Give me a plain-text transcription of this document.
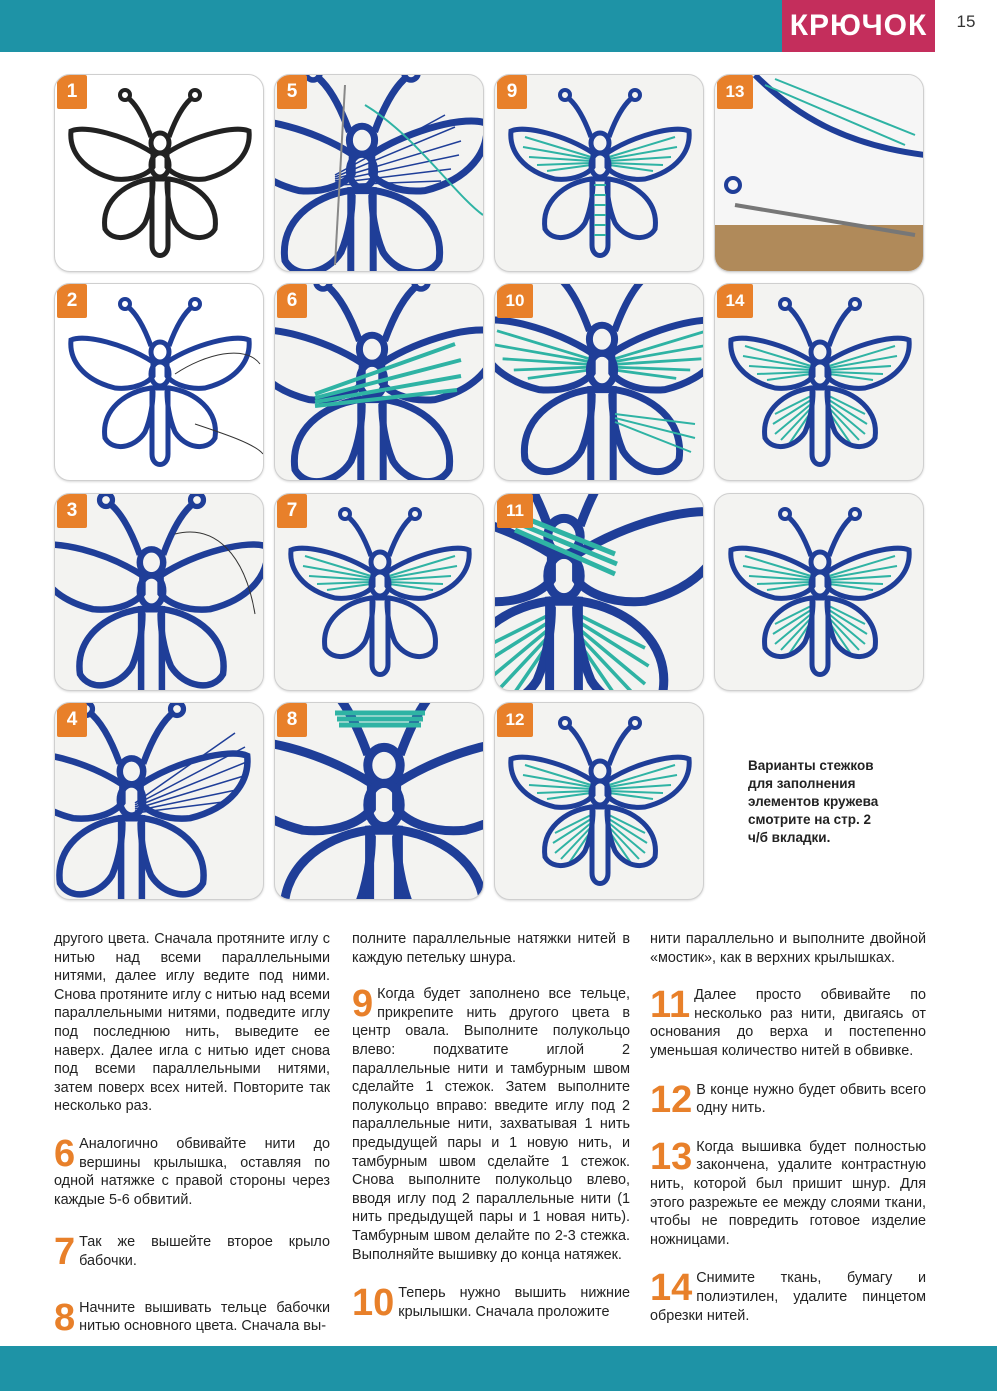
КРЮЧОК	15
1
2
3
4
5
6
7
8
9
10
11
12
13
14
Варианты стежков
для заполнения
элементов кружева
смотрите на стр. 2
ч/б вкладки.

другого цвета. Сначала протяните иглу с нитью над всеми параллельными нитями, далее иглу ведите под ними. Снова протяните иглу с нитью над всеми параллельными нитями, подведите иглу под последнюю нить, выведите ее наверх. Далее игла с нитью идет снова под всеми параллельными нитями, затем поверх всех нитей. Повторите так несколько раз.

6 Аналогично обвивайте нити до вершины крылышка, оставляя по одной натяжке с правой стороны через каждые 5-6 обвитий.
7 Так же вышейте второе крыло бабочки.
8 Начните вышивать тельце бабочки нитью основного цвета. Сначала вы-

полните параллельные натяжки нитей в каждую петельку шнура.

9 Когда будет заполнено все тельце, прикрепите нить другого цвета в центр овала. Выполните полукольцо влево: подхватите иглой 2 параллельные нити и тамбурным швом сделайте 1 стежок. Затем выполните полукольцо вправо: введите иглу под 2 параллельные нити, захватывая 1 нить предыдущей пары и 1 новую нить, и тамбурным швом сделайте 1 стежок. Снова выполните полукольцо влево, вводя иглу под 2 параллельные нити (1 нить предыдущей пары и 1 новая нить). Тамбурным швом делайте по 2-3 стежка. Выполняйте вышивку до конца натяжек.
10 Теперь нужно вышить нижние крылышки. Сначала проложите

нити параллельно и выполните двойной «мостик», как в верхних крылышках.

11 Далее просто обвивайте по несколько раз нити, двигаясь от основания до верха и постепенно уменьшая количество нитей в обвивке.
12 В конце нужно будет обвить всего одну нить.
13 Когда вышивка будет полностью закончена, удалите контрастную нить, которой был пришит шнур. Для этого разрежьте ее между слоями ткани, чтобы не повредить готовое изделие ножницами.
14 Снимите ткань, бумагу и полиэтилен, удалите пинцетом обрезки нитей.
